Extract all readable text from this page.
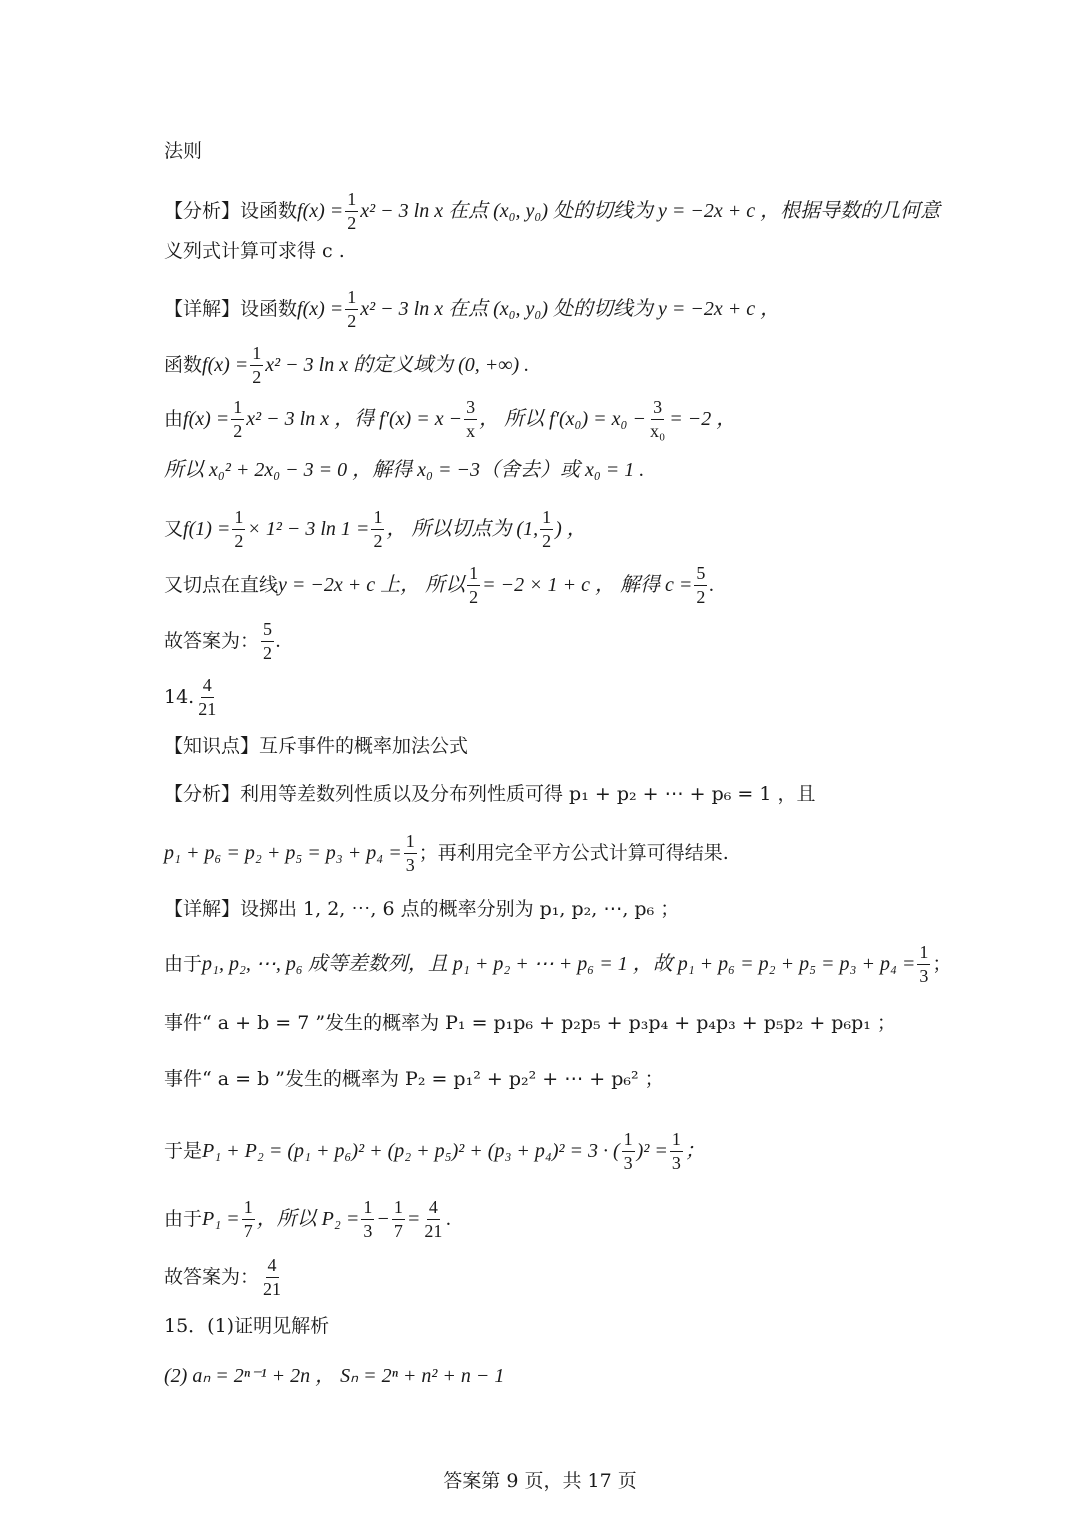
法则
【分析】设函数 $f(x) = \frac{1}{2} x^2 - 3$ ln x 在点 (x₀, y₀) 处的切线为 y = −2x + c ，根据导数的几何意
义列式计算可求得 c .
【详解】设函数 $f(x) = \frac{1}{2} x^2 - 3$ ln x 在点 (x₀, y₀) 处的切线为 y = −2x + c ，
函数 $f(x) = \frac{1}{2} x^2 - 3$ ln x 的定义域为 (0, +∞) .
由 $f(x) = \frac{1}{2} x^2 - 3$ ln x ，得 $f'(x) = x - \frac{3}{x}$ ， 所以 $f'(x_0) = x_0 - \frac{3}{\text{x₀}} = -2$ ，
所以 x₀² + 2x₀ − 3 = 0 ，解得 x₀ = −3（舍去）或 x₀ = 1 .
又 $f(1) = \frac{1}{2} \times 1^2 - 3$ $\ln 1 = \frac{1}{2}$ ， 所以切点为 (1, $\frac{1}{2}$ ) ，
又切点在直线 y = −2x + c 上， 所以 $\frac{1}{2} = -2 \times 1 + c$ ， 解得 $c = \frac{5}{2}$ .
故答案为： $\frac{5}{2}$ .
14. $\frac{4}{21}$
【知识点】互斥事件的概率加法公式
【分析】利用等差数列性质以及分布列性质可得 p₁ + p₂ + ⋯ + p₆ = 1 ，且
$p_1 + p_6 = p_2 + p_5 = p_3 + p_4 = \frac{1}{3}$ ；再利用完全平方公式计算可得结果.
【详解】设掷出 1, 2, ⋯, 6 点的概率分别为 p₁, p₂, ⋯, p₆ ；
由于 p₁, p₂, ⋯, p₆ 成等差数列，且 p₁ + p₂ + ⋯ + p₆ = 1 ，故 $p_1 + p_6 = p_2 + p_5 = p_3 + p_4 = \frac{1}{3}$ ；
事件“ a + b = 7 ”发生的概率为 P₁ = p₁p₆ + p₂p₅ + p₃p₄ + p₄p₃ + p₅p₂ + p₆p₁ ；
事件“ a = b ”发生的概率为 P₂ = p₁² + p₂² + ⋯ + p₆² ；
于是 P₁ + P₂ = (p₁ + p₆)² + (p₂ + p₅)² + (p₃ + p₄)² = 3 · ( $\frac{1}{3} )^2 = \frac{1}{3}$ ；
由于 $P_1 = \frac{1}{7}$ ，所以 $P_2 = \frac{1}{3} - \frac{1}{7} = \frac{4}{21}$ .
故答案为： $\frac{4}{21}$
15．(1)证明见解析
(2) aₙ = 2ⁿ⁻¹ + 2n ， Sₙ = 2ⁿ + n² + n − 1
答案第 9 页，共 17 页
